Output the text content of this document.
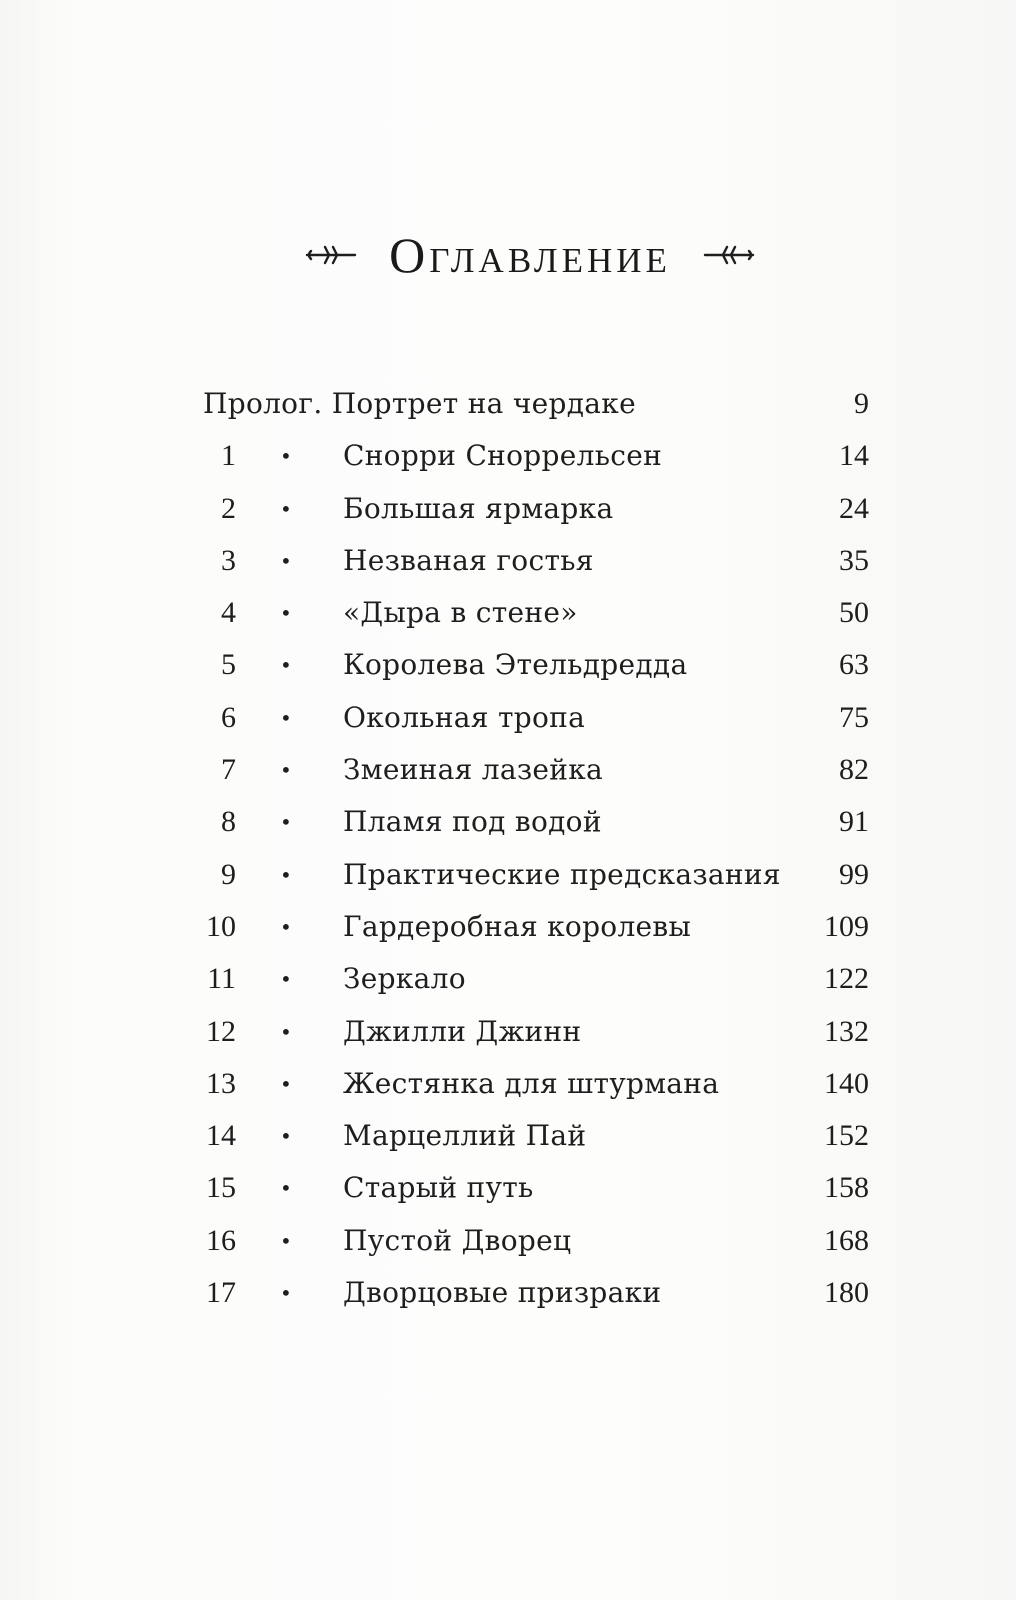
Оглавление
Пролог. Портрет на чердаке	9
1 • Снорри Сноррельсен	14
2 • Большая ярмарка	24
3 • Незваная гостья	35
4 • «Дыра в стене»	50
5 • Королева Этельдредда	63
6 • Окольная тропа	75
7 • Змеиная лазейка	82
8 • Пламя под водой	91
9 • Практические предсказания 99
10 • Гардеробная королевы	109
11 • Зеркало	122
12 • Джилли Джинн	132
13 • Жестянка для штурмана	140
14 • Марцеллий Пай	152
15 • Старый путь	158
16 • Пустой Дворец	168
17 • Дворцовые призраки	180
